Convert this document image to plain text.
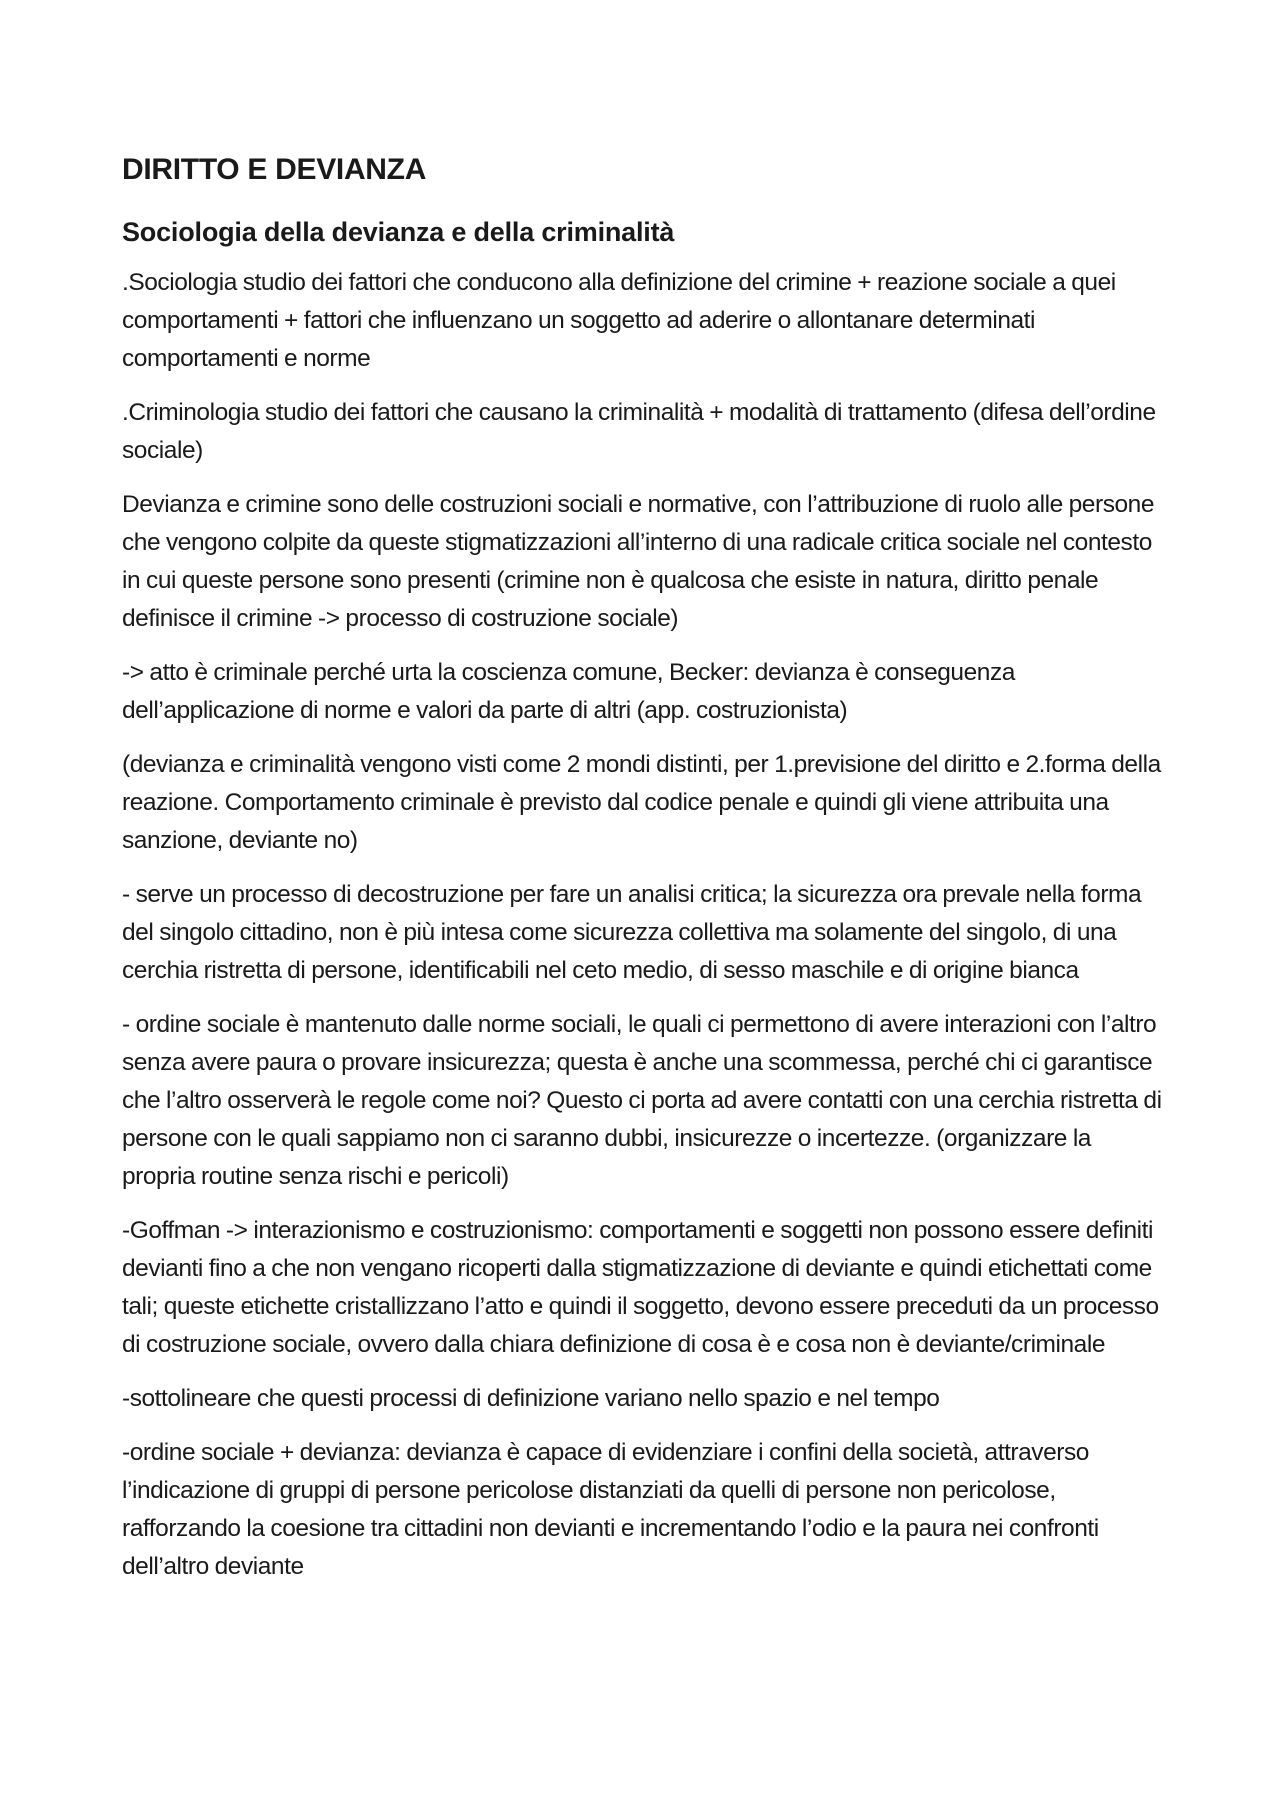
DIRITTO E DEVIANZA
Sociologia della devianza e della criminalità

.Sociologia studio dei fattori che conducono alla definizione del crimine + reazione sociale a quei comportamenti + fattori che influenzano un soggetto ad aderire o allontanare determinati comportamenti e norme

.Criminologia studio dei fattori che causano la criminalità + modalità di trattamento (difesa dell’ordine sociale)

Devianza e crimine sono delle costruzioni sociali e normative, con l’attribuzione di ruolo alle persone che vengono colpite da queste stigmatizzazioni all’interno di una radicale critica sociale nel contesto in cui queste persone sono presenti (crimine non è qualcosa che esiste in natura, diritto penale definisce il crimine -> processo di costruzione sociale)

-> atto è criminale perché urta la coscienza comune, Becker: devianza è conseguenza dell’applicazione di norme e valori da parte di altri (app. costruzionista)

(devianza e criminalità vengono visti come 2 mondi distinti, per 1.previsione del diritto e 2.forma della reazione. Comportamento criminale è previsto dal codice penale e quindi gli viene attribuita una sanzione, deviante no)

- serve un processo di decostruzione per fare un analisi critica; la sicurezza ora prevale nella forma del singolo cittadino, non è più intesa come sicurezza collettiva ma solamente del singolo, di una cerchia ristretta di persone, identificabili nel ceto medio, di sesso maschile e di origine bianca

- ordine sociale è mantenuto dalle norme sociali, le quali ci permettono di avere interazioni con l’altro senza avere paura o provare insicurezza; questa è anche una scommessa, perché chi ci garantisce che l’altro osserverà le regole come noi? Questo ci porta ad avere contatti con una cerchia ristretta di persone con le quali sappiamo non ci saranno dubbi, insicurezze o incertezze. (organizzare la propria routine senza rischi e pericoli)

-Goffman -> interazionismo e costruzionismo: comportamenti e soggetti non possono essere definiti devianti fino a che non vengano ricoperti dalla stigmatizzazione di deviante e quindi etichettati come tali; queste etichette cristallizzano l’atto e quindi il soggetto, devono essere preceduti da un processo di costruzione sociale, ovvero dalla chiara definizione di cosa è e cosa non è deviante/criminale

-sottolineare che questi processi di definizione variano nello spazio e nel tempo

-ordine sociale + devianza: devianza è capace di evidenziare i confini della società, attraverso l’indicazione di gruppi di persone pericolose distanziati da quelli di persone non pericolose, rafforzando la coesione tra cittadini non devianti e incrementando l’odio e la paura nei confronti dell’altro deviante
